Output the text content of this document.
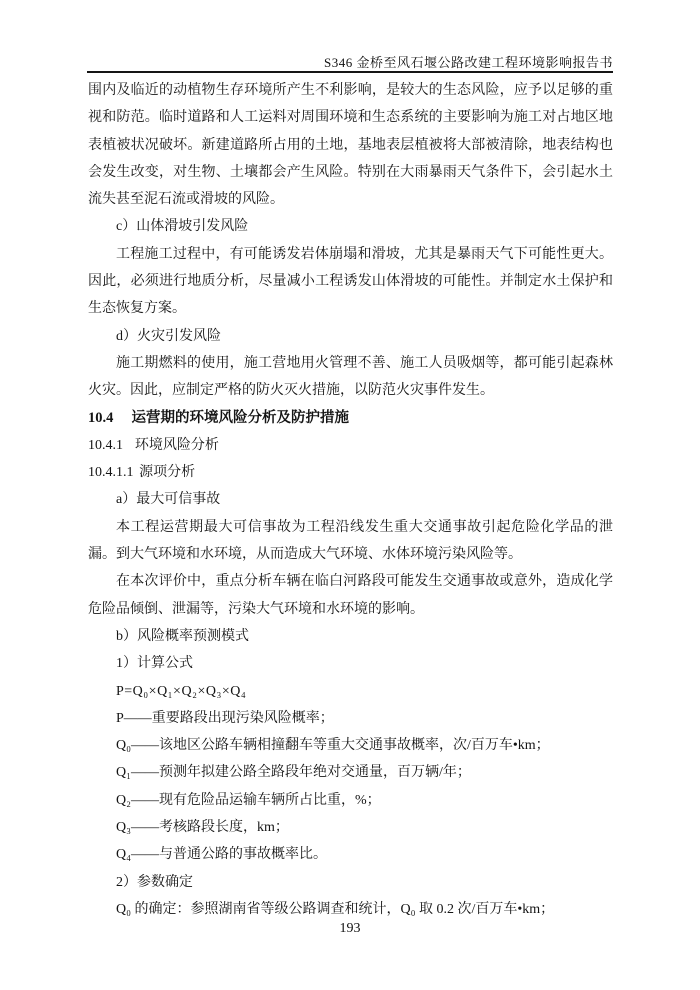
S346 金桥至风石堰公路改建工程环境影响报告书

围内及临近的动植物生存环境所产生不利影响，是较大的生态风险，应予以足够的重视和防范。临时道路和人工运料对周围环境和生态系统的主要影响为施工对占地区地表植被状况破坏。新建道路所占用的土地，基地表层植被将大部被清除，地表结构也会发生改变，对生物、土壤都会产生风险。特别在大雨暴雨天气条件下，会引起水土流失甚至泥石流或滑坡的风险。

c）山体滑坡引发风险

工程施工过程中，有可能诱发岩体崩塌和滑坡，尤其是暴雨天气下可能性更大。因此，必须进行地质分析，尽量减小工程诱发山体滑坡的可能性。并制定水土保护和生态恢复方案。

d）火灾引发风险

施工期燃料的使用，施工营地用火管理不善、施工人员吸烟等，都可能引起森林火灾。因此，应制定严格的防火灭火措施，以防范火灾事件发生。

10.4 运营期的环境风险分析及防护措施

10.4.1 环境风险分析

10.4.1.1 源项分析

a）最大可信事故

本工程运营期最大可信事故为工程沿线发生重大交通事故引起危险化学品的泄漏。到大气环境和水环境，从而造成大气环境、水体环境污染风险等。

在本次评价中，重点分析车辆在临白河路段可能发生交通事故或意外，造成化学危险品倾倒、泄漏等，污染大气环境和水环境的影响。

b）风险概率预测模式

1）计算公式

P=Q₀×Q₁×Q₂×Q₃×Q₄

P——重要路段出现污染风险概率；

Q₀——该地区公路车辆相撞翻车等重大交通事故概率，次/百万车•km；

Q₁——预测年拟建公路全路段年绝对交通量，百万辆/年；

Q₂——现有危险品运输车辆所占比重，%；

Q₃——考核路段长度，km；

Q₄——与普通公路的事故概率比。

2）参数确定

Q₀ 的确定：参照湖南省等级公路调查和统计，Q₀ 取 0.2 次/百万车•km；

193
